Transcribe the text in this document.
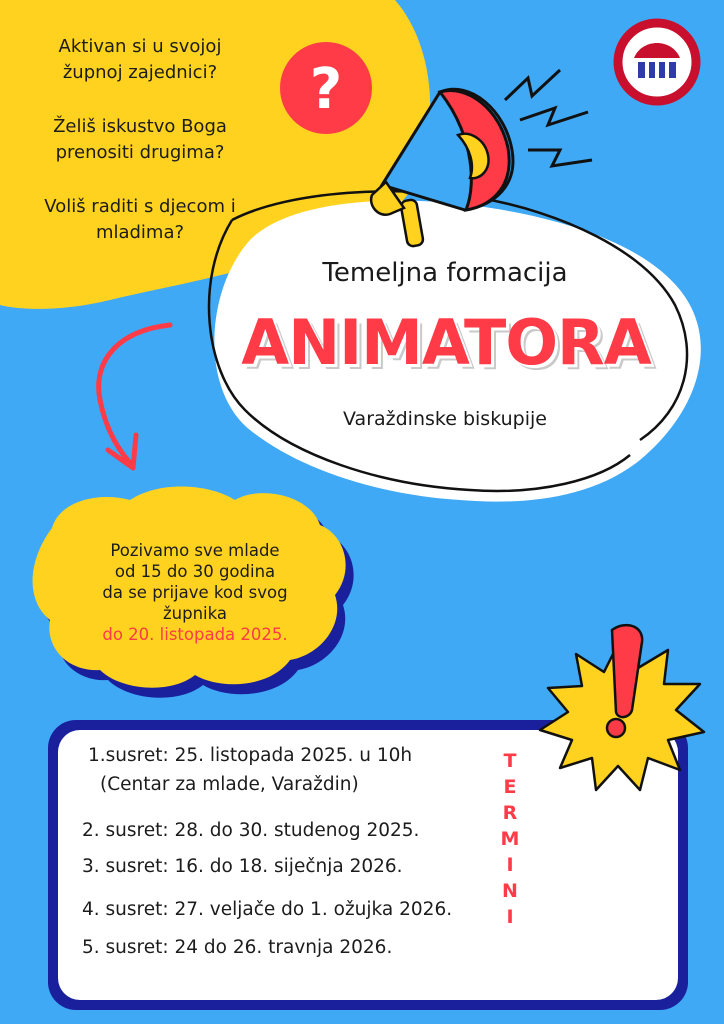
?
Aktivan si u svojoj
župnoj zajednici?
Želiš iskustvo Boga
prenositi drugima?
Voliš raditi s djecom i
mladima?
Temeljna formacija
ANIMATORA
Varaždinske biskupije
Pozivamo sve mlade
od 15 do 30 godina
da se prijave kod svog
župnika
do 20. listopada 2025.
1.susret: 25. listopada 2025. u 10h
(Centar za mlade, Varaždin)
2. susret: 28. do 30. studenog 2025.
3. susret: 16. do 18. siječnja 2026.
4. susret: 27. veljače do 1. ožujka 2026.
5. susret: 24 do 26. travnja 2026.
T
E
R
M
I
N
I
